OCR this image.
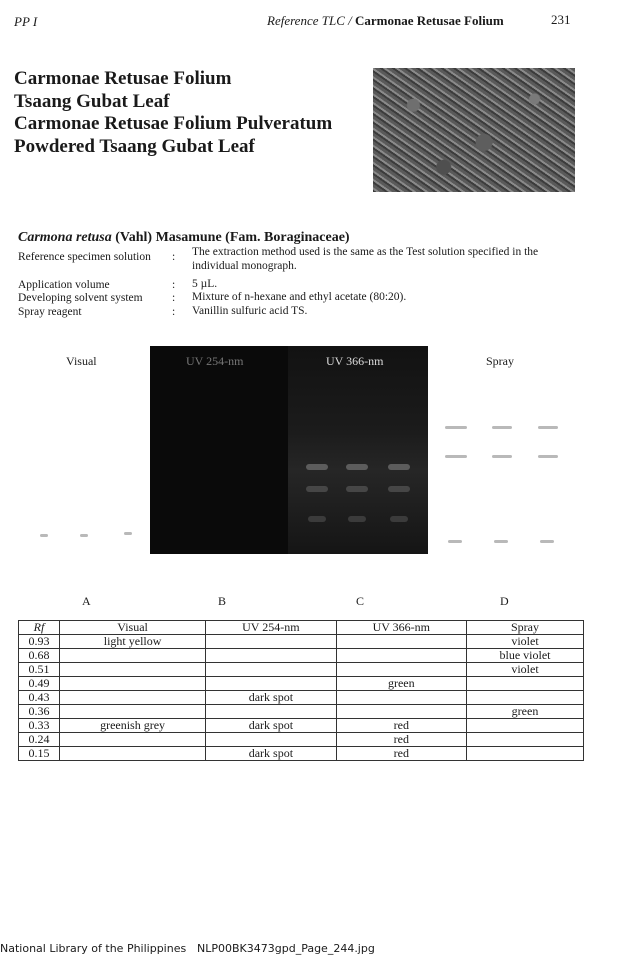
PP I	Reference TLC / Carmonae Retusae Folium	231
Carmonae Retusae Folium
Tsaang Gubat Leaf
Carmonae Retusae Folium Pulveratum
Powdered Tsaang Gubat Leaf
Carmona retusa (Vahl) Masamune (Fam. Boraginaceae)
Reference specimen solution : The extraction method used is the same as the Test solution specified in the individual monograph.
Application volume	: 5 µL.
Developing solvent system	: Mixture of n-hexane and ethyl acetate (80:20).
Spray reagent	: Vanillin sulfuric acid TS.
Visual	Spray
UV 254-nm	UV 366-nm
A	B	C	D
Rf	Visual	UV 254-nm	UV 366-nm	Spray
0.93	light yellow			violet
0.68				blue violet
0.51				violet
0.49			green	
0.43		dark spot		
0.36				green
0.33	greenish grey	dark spot	red	
0.24			red	
0.15		dark spot	red	
National Library of the Philippines NLP00BK3473gpd_Page_244.jpg
